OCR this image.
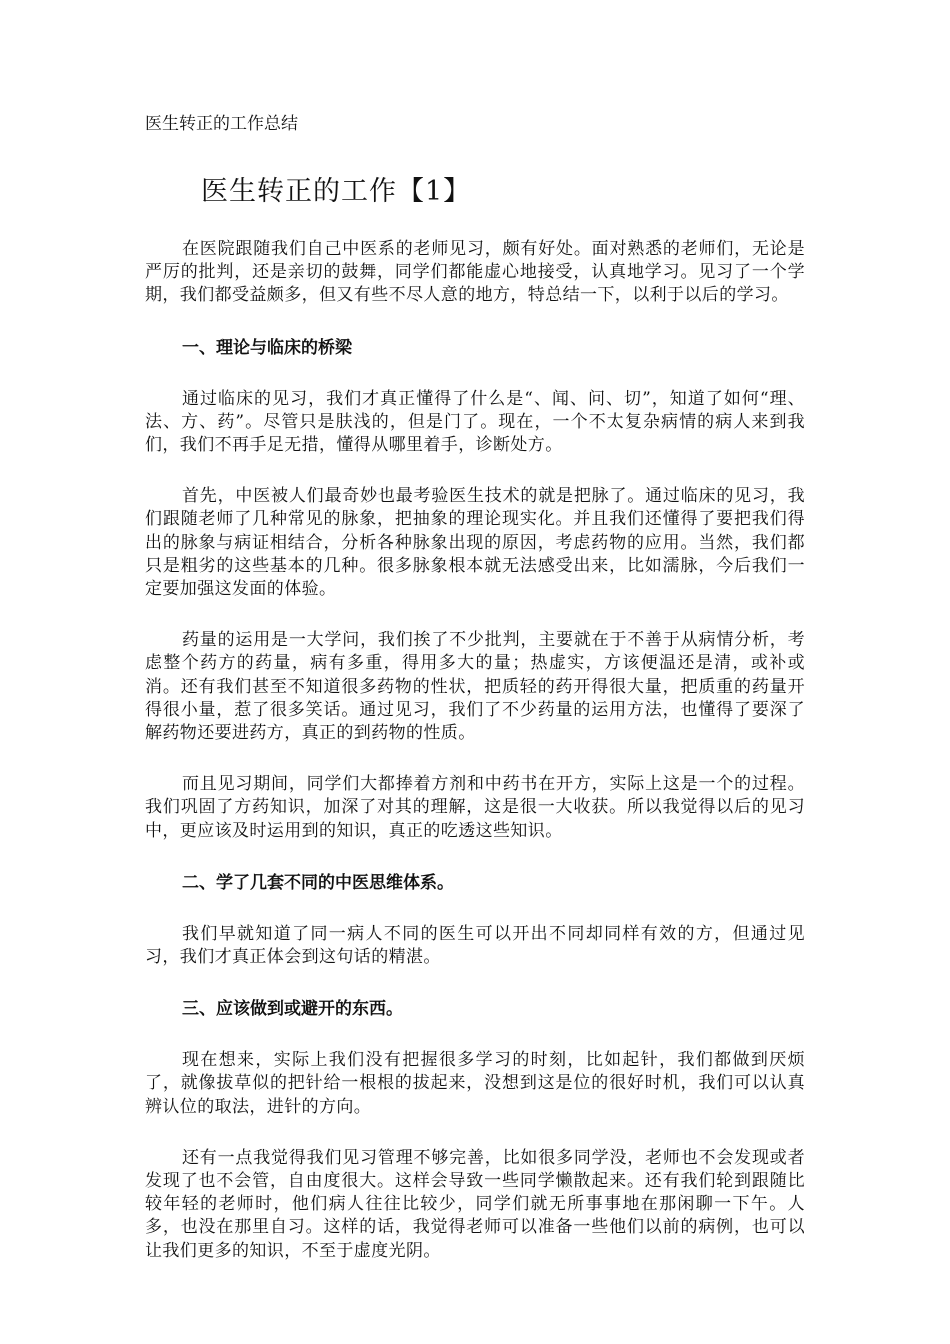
医生转正的工作总结

医生转正的工作【1】

在医院跟随我们自己中医系的老师见习，颇有好处。面对熟悉的老师们，无论是严厉的批判，还是亲切的鼓舞，同学们都能虚心地接受，认真地学习。见习了一个学期，我们都受益颇多，但又有些不尽人意的地方，特总结一下，以利于以后的学习。

一、理论与临床的桥梁

通过临床的见习，我们才真正懂得了什么是“、闻、问、切”，知道了如何“理、法、方、药”。尽管只是肤浅的，但是门了。现在，一个不太复杂病情的病人来到我们，我们不再手足无措，懂得从哪里着手，诊断处方。

首先，中医被人们最奇妙也最考验医生技术的就是把脉了。通过临床的见习，我们跟随老师了几种常见的脉象，把抽象的理论现实化。并且我们还懂得了要把我们得出的脉象与病证相结合，分析各种脉象出现的原因，考虑药物的应用。当然，我们都只是粗劣的这些基本的几种。很多脉象根本就无法感受出来，比如濡脉，今后我们一定要加强这发面的体验。

药量的运用是一大学问，我们挨了不少批判，主要就在于不善于从病情分析，考虑整个药方的药量，病有多重，得用多大的量；热虚实，方该便温还是清，或补或消。还有我们甚至不知道很多药物的性状，把质轻的药开得很大量，把质重的药量开得很小量，惹了很多笑话。通过见习，我们了不少药量的运用方法，也懂得了要深了解药物还要进药方，真正的到药物的性质。

而且见习期间，同学们大都捧着方剂和中药书在开方，实际上这是一个的过程。我们巩固了方药知识，加深了对其的理解，这是很一大收获。所以我觉得以后的见习中，更应该及时运用到的知识，真正的吃透这些知识。

二、学了几套不同的中医思维体系。

我们早就知道了同一病人不同的医生可以开出不同却同样有效的方，但通过见习，我们才真正体会到这句话的精湛。

三、应该做到或避开的东西。

现在想来，实际上我们没有把握很多学习的时刻，比如起针，我们都做到厌烦了，就像拔草似的把针给一根根的拔起来，没想到这是位的很好时机，我们可以认真辨认位的取法，进针的方向。

还有一点我觉得我们见习管理不够完善，比如很多同学没，老师也不会发现或者发现了也不会管，自由度很大。这样会导致一些同学懒散起来。还有我们轮到跟随比较年轻的老师时，他们病人往往比较少，同学们就无所事事地在那闲聊一下午。人多，也没在那里自习。这样的话，我觉得老师可以准备一些他们以前的病例，也可以让我们更多的知识，不至于虚度光阴。
